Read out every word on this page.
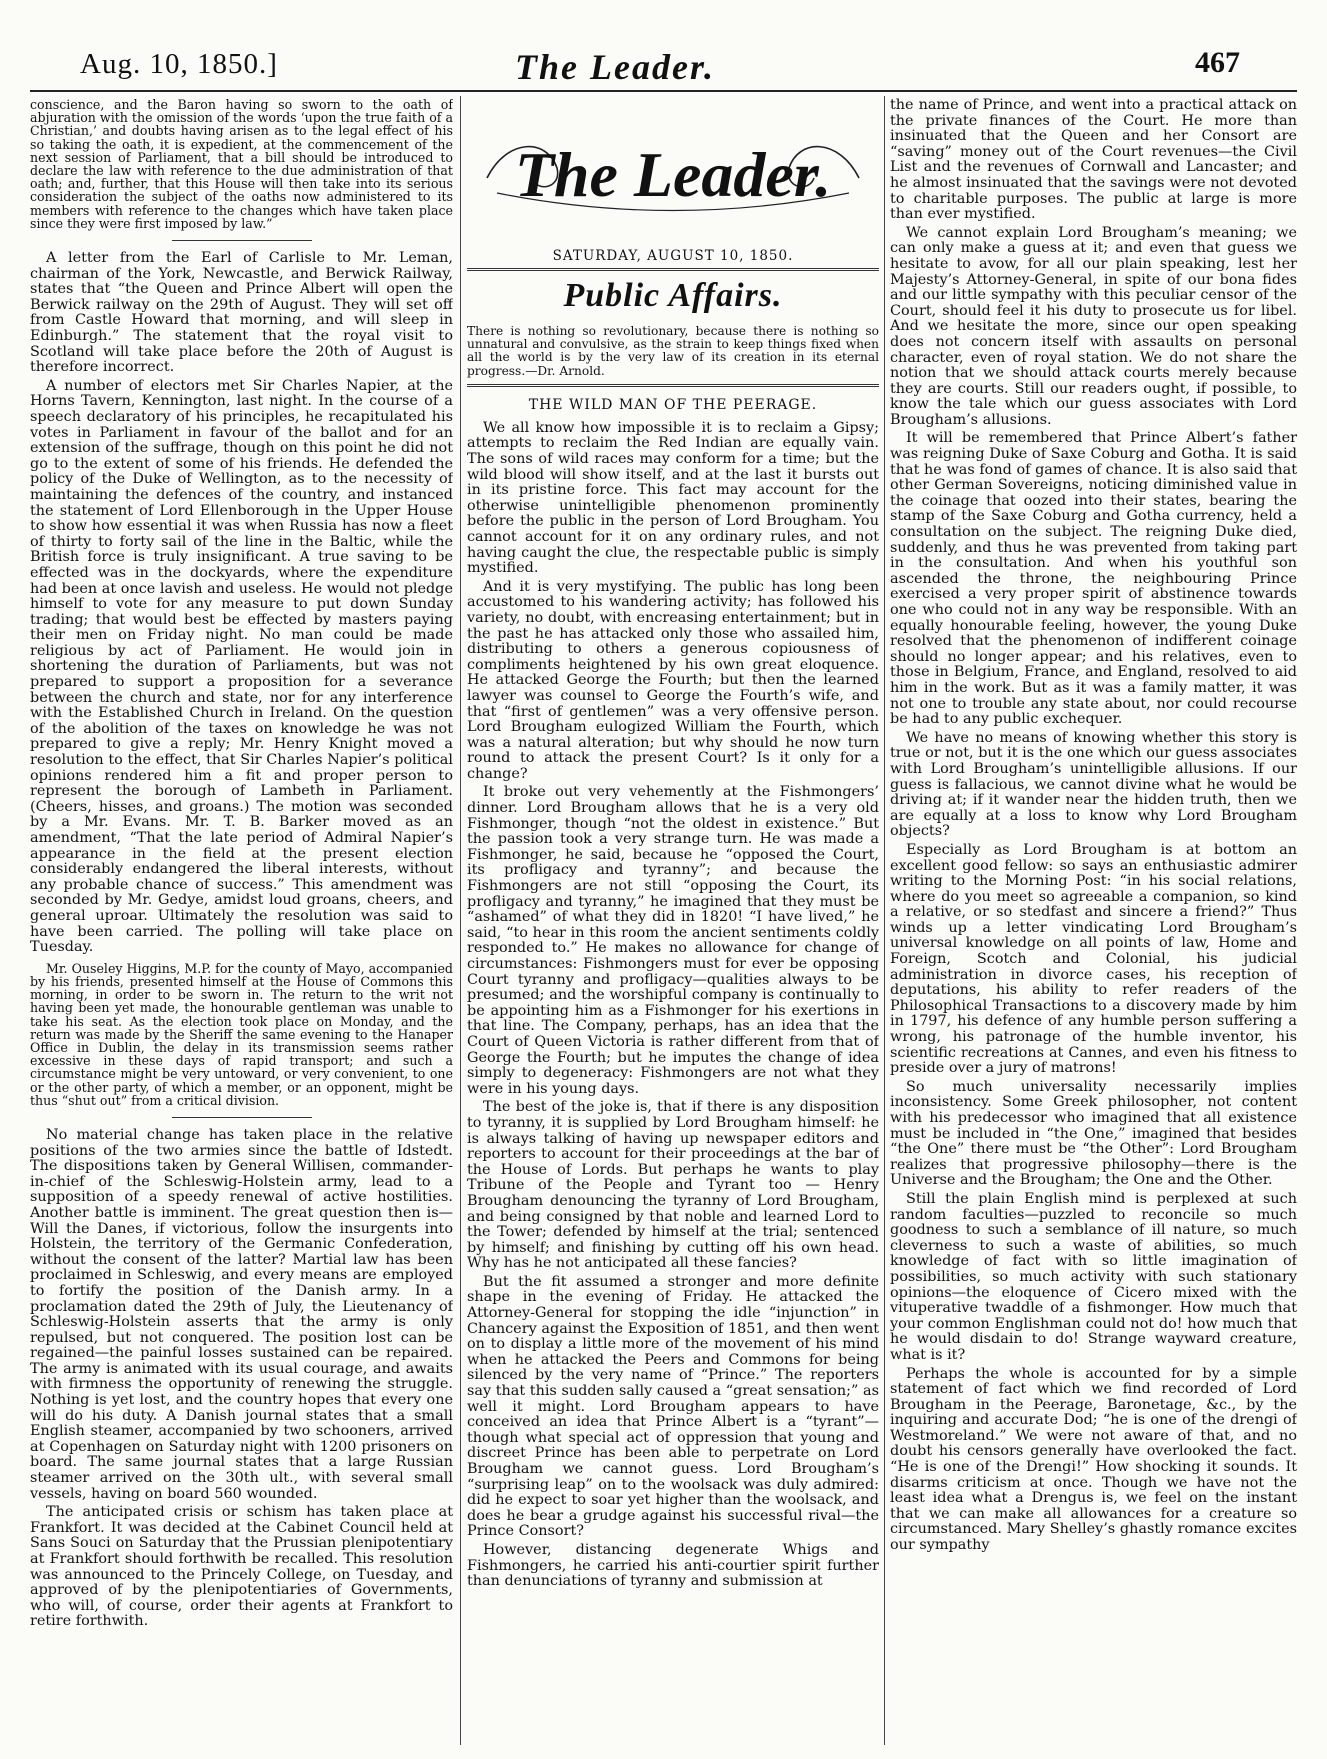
Aug. 10, 1850.]	The Leader.	467

conscience, and the Baron having so sworn to the oath of abjuration with the omission of the words ‘upon the true faith of a Christian,’ and doubts having arisen as to the legal effect of his so taking the oath, it is expedient, at the commencement of the next session of Parliament, that a bill should be introduced to declare the law with reference to the due administration of that oath; and, further, that this House will then take into its serious consideration the subject of the oaths now administered to its members with reference to the changes which have taken place since they were first imposed by law.”

A letter from the Earl of Carlisle to Mr. Leman, chairman of the York, Newcastle, and Berwick Railway, states that “the Queen and Prince Albert will open the Berwick railway on the 29th of August. They will set off from Castle Howard that morning, and will sleep in Edinburgh.” The statement that the royal visit to Scotland will take place before the 20th of August is therefore incorrect.

A number of electors met Sir Charles Napier, at the Horns Tavern, Kennington, last night. In the course of a speech declaratory of his principles, he recapitulated his votes in Parliament in favour of the ballot and for an extension of the suffrage, though on this point he did not go to the extent of some of his friends. He defended the policy of the Duke of Wellington, as to the necessity of maintaining the defences of the country, and instanced the statement of Lord Ellenborough in the Upper House to show how essential it was when Russia has now a fleet of thirty to forty sail of the line in the Baltic, while the British force is truly insignificant. A true saving to be effected was in the dockyards, where the expenditure had been at once lavish and useless. He would not pledge himself to vote for any measure to put down Sunday trading; that would best be effected by masters paying their men on Friday night. No man could be made religious by act of Parliament. He would join in shortening the duration of Parliaments, but was not prepared to support a proposition for a severance between the church and state, nor for any interference with the Established Church in Ireland. On the question of the abolition of the taxes on knowledge he was not prepared to give a reply; Mr. Henry Knight moved a resolution to the effect, that Sir Charles Napier’s political opinions rendered him a fit and proper person to represent the borough of Lambeth in Parliament. (Cheers, hisses, and groans.) The motion was seconded by a Mr. Evans. Mr. T. B. Barker moved as an amendment, “That the late period of Admiral Napier’s appearance in the field at the present election considerably endangered the liberal interests, without any probable chance of success.” This amendment was seconded by Mr. Gedye, amidst loud groans, cheers, and general uproar. Ultimately the resolution was said to have been carried. The polling will take place on Tuesday.

Mr. Ouseley Higgins, M.P. for the county of Mayo, accompanied by his friends, presented himself at the House of Commons this morning, in order to be sworn in. The return to the writ not having been yet made, the honourable gentleman was unable to take his seat. As the election took place on Monday, and the return was made by the Sheriff the same evening to the Hanaper Office in Dublin, the delay in its transmission seems rather excessive in these days of rapid transport; and such a circumstance might be very untoward, or very convenient, to one or the other party, of which a member, or an opponent, might be thus “shut out” from a critical division.

No material change has taken place in the relative positions of the two armies since the battle of Idstedt. The dispositions taken by General Willisen, commander-in-chief of the Schleswig-Holstein army, lead to a supposition of a speedy renewal of active hostilities. Another battle is imminent. The great question then is—Will the Danes, if victorious, follow the insurgents into Holstein, the territory of the Germanic Confederation, without the consent of the latter? Martial law has been proclaimed in Schleswig, and every means are employed to fortify the position of the Danish army. In a proclamation dated the 29th of July, the Lieutenancy of Schleswig-Holstein asserts that the army is only repulsed, but not conquered. The position lost can be regained—the painful losses sustained can be repaired. The army is animated with its usual courage, and awaits with firmness the opportunity of renewing the struggle. Nothing is yet lost, and the country hopes that every one will do his duty. A Danish journal states that a small English steamer, accompanied by two schooners, arrived at Copenhagen on Saturday night with 1200 prisoners on board. The same journal states that a large Russian steamer arrived on the 30th ult., with several small vessels, having on board 560 wounded.

The anticipated crisis or schism has taken place at Frankfort. It was decided at the Cabinet Council held at Sans Souci on Saturday that the Prussian plenipotentiary at Frankfort should forthwith be recalled. This resolution was announced to the Princely College, on Tuesday, and approved of by the plenipotentiaries of Governments, who will, of course, order their agents at Frankfort to retire forthwith.

The Leader.
SATURDAY, AUGUST 10, 1850.
Public Affairs.

There is nothing so revolutionary, because there is nothing so unnatural and convulsive, as the strain to keep things fixed when all the world is by the very law of its creation in its eternal progress.—Dr. Arnold.

THE WILD MAN OF THE PEERAGE.

We all know how impossible it is to reclaim a Gipsy; attempts to reclaim the Red Indian are equally vain. The sons of wild races may conform for a time; but the wild blood will show itself, and at the last it bursts out in its pristine force. This fact may account for the otherwise unintelligible phenomenon prominently before the public in the person of Lord Brougham. You cannot account for it on any ordinary rules, and not having caught the clue, the respectable public is simply mystified.

And it is very mystifying. The public has long been accustomed to his wandering activity; has followed his variety, no doubt, with encreasing entertainment; but in the past he has attacked only those who assailed him, distributing to others a generous copiousness of compliments heightened by his own great eloquence. He attacked George the Fourth; but then the learned lawyer was counsel to George the Fourth’s wife, and that “first of gentlemen” was a very offensive person. Lord Brougham eulogized William the Fourth, which was a natural alteration; but why should he now turn round to attack the present Court? Is it only for a change?

It broke out very vehemently at the Fishmongers’ dinner. Lord Brougham allows that he is a very old Fishmonger, though “not the oldest in existence.” But the passion took a very strange turn. He was made a Fishmonger, he said, because he “opposed the Court, its profligacy and tyranny”; and because the Fishmongers are not still “opposing the Court, its profligacy and tyranny,” he imagined that they must be “ashamed” of what they did in 1820! “I have lived,” he said, “to hear in this room the ancient sentiments coldly responded to.” He makes no allowance for change of circumstances: Fishmongers must for ever be opposing Court tyranny and profligacy—qualities always to be presumed; and the worshipful company is continually to be appointing him as a Fishmonger for his exertions in that line. The Company, perhaps, has an idea that the Court of Queen Victoria is rather different from that of George the Fourth; but he imputes the change of idea simply to degeneracy: Fishmongers are not what they were in his young days.

The best of the joke is, that if there is any disposition to tyranny, it is supplied by Lord Brougham himself: he is always talking of having up newspaper editors and reporters to account for their proceedings at the bar of the House of Lords. But perhaps he wants to play Tribune of the People and Tyrant too — Henry Brougham denouncing the tyranny of Lord Brougham, and being consigned by that noble and learned Lord to the Tower; defended by himself at the trial; sentenced by himself; and finishing by cutting off his own head. Why has he not anticipated all these fancies?

But the fit assumed a stronger and more definite shape in the evening of Friday. He attacked the Attorney-General for stopping the idle “injunction” in Chancery against the Exposition of 1851, and then went on to display a little more of the movement of his mind when he attacked the Peers and Commons for being silenced by the very name of “Prince.” The reporters say that this sudden sally caused a “great sensation;” as well it might. Lord Brougham appears to have conceived an idea that Prince Albert is a “tyrant”—though what special act of oppression that young and discreet Prince has been able to perpetrate on Lord Brougham we cannot guess. Lord Brougham’s “surprising leap” on to the woolsack was duly admired: did he expect to soar yet higher than the woolsack, and does he bear a grudge against his successful rival—the Prince Consort?

However, distancing degenerate Whigs and Fishmongers, he carried his anti-courtier spirit further than denunciations of tyranny and submission at

the name of Prince, and went into a practical attack on the private finances of the Court. He more than insinuated that the Queen and her Consort are “saving” money out of the Court revenues—the Civil List and the revenues of Cornwall and Lancaster; and he almost insinuated that the savings were not devoted to charitable purposes. The public at large is more than ever mystified.

We cannot explain Lord Brougham’s meaning; we can only make a guess at it; and even that guess we hesitate to avow, for all our plain speaking, lest her Majesty’s Attorney-General, in spite of our bona fides and our little sympathy with this peculiar censor of the Court, should feel it his duty to prosecute us for libel. And we hesitate the more, since our open speaking does not concern itself with assaults on personal character, even of royal station. We do not share the notion that we should attack courts merely because they are courts. Still our readers ought, if possible, to know the tale which our guess associates with Lord Brougham’s allusions.

It will be remembered that Prince Albert’s father was reigning Duke of Saxe Coburg and Gotha. It is said that he was fond of games of chance. It is also said that other German Sovereigns, noticing diminished value in the coinage that oozed into their states, bearing the stamp of the Saxe Coburg and Gotha currency, held a consultation on the subject. The reigning Duke died, suddenly, and thus he was prevented from taking part in the consultation. And when his youthful son ascended the throne, the neighbouring Prince exercised a very proper spirit of abstinence towards one who could not in any way be responsible. With an equally honourable feeling, however, the young Duke resolved that the phenomenon of indifferent coinage should no longer appear; and his relatives, even to those in Belgium, France, and England, resolved to aid him in the work. But as it was a family matter, it was not one to trouble any state about, nor could recourse be had to any public exchequer.

We have no means of knowing whether this story is true or not, but it is the one which our guess associates with Lord Brougham’s unintelligible allusions. If our guess is fallacious, we cannot divine what he would be driving at; if it wander near the hidden truth, then we are equally at a loss to know why Lord Brougham objects?

Especially as Lord Brougham is at bottom an excellent good fellow: so says an enthusiastic admirer writing to the Morning Post: “in his social relations, where do you meet so agreeable a companion, so kind a relative, or so stedfast and sincere a friend?” Thus winds up a letter vindicating Lord Brougham’s universal knowledge on all points of law, Home and Foreign, Scotch and Colonial, his judicial administration in divorce cases, his reception of deputations, his ability to refer readers of the Philosophical Transactions to a discovery made by him in 1797, his defence of any humble person suffering a wrong, his patronage of the humble inventor, his scientific recreations at Cannes, and even his fitness to preside over a jury of matrons!

So much universality necessarily implies inconsistency. Some Greek philosopher, not content with his predecessor who imagined that all existence must be included in “the One,” imagined that besides “the One” there must be “the Other”: Lord Brougham realizes that progressive philosophy—there is the Universe and the Brougham; the One and the Other.

Still the plain English mind is perplexed at such random faculties—puzzled to reconcile so much goodness to such a semblance of ill nature, so much cleverness to such a waste of abilities, so much knowledge of fact with so little imagination of possibilities, so much activity with such stationary opinions—the eloquence of Cicero mixed with the vituperative twaddle of a fishmonger. How much that your common Englishman could not do! how much that he would disdain to do! Strange wayward creature, what is it?

Perhaps the whole is accounted for by a simple statement of fact which we find recorded of Lord Brougham in the Peerage, Baronetage, &c., by the inquiring and accurate Dod; “he is one of the drengi of Westmoreland.” We were not aware of that, and no doubt his censors generally have overlooked the fact. “He is one of the Drengi!” How shocking it sounds. It disarms criticism at once. Though we have not the least idea what a Drengus is, we feel on the instant that we can make all allowances for a creature so circumstanced. Mary Shelley’s ghastly romance excites our sympathy
